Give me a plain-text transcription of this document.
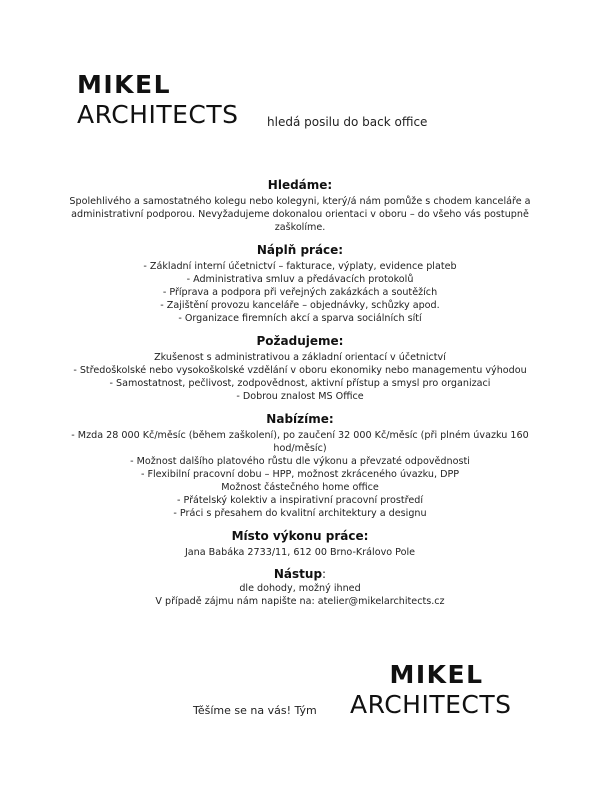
MIKEL
ARCHITECTS hledá posilu do back office
Hledáme:

Spolehlivého a samostatného kolegu nebo kolegyni, který/á nám pomůže s chodem kanceláře a administrativní podporou. Nevyžadujeme dokonalou orientaci v oboru – do všeho vás postupně zaškolíme.

Náplň práce:
- Základní interní účetnictví – fakturace, výplaty, evidence plateb
- Administrativa smluv a předávacích protokolů
- Příprava a podpora při veřejných zakázkách a soutěžích
- Zajištění provozu kanceláře – objednávky, schůzky apod.
- Organizace firemních akcí a sparva sociálních sítí
Požadujeme:
Zkušenost s administrativou a základní orientací v účetnictví
- Středoškolské nebo vysokoškolské vzdělání v oboru ekonomiky nebo managementu výhodou
- Samostatnost, pečlivost, zodpovědnost, aktivní přístup a smysl pro organizaci
- Dobrou znalost MS Office
Nabízíme:
- Mzda 28 000 Kč/měsíc (během zaškolení), po zaučení 32 000 Kč/měsíc (při plném úvazku 160 hod/měsíc)
- Možnost dalšího platového růstu dle výkonu a převzaté odpovědnosti
- Flexibilní pracovní dobu – HPP, možnost zkráceného úvazku, DPP
Možnost částečného home office
- Přátelský kolektiv a inspirativní pracovní prostředí
- Práci s přesahem do kvalitní architektury a designu
Místo výkonu práce:

Jana Babáka 2733/11, 612 00 Brno-Královo Pole

Nástup:

dle dohody, možný ihned

V případě zájmu nám napište na: atelier@mikelarchitects.cz

Těšíme se na vás! Tým
MIKEL
ARCHITECTS
